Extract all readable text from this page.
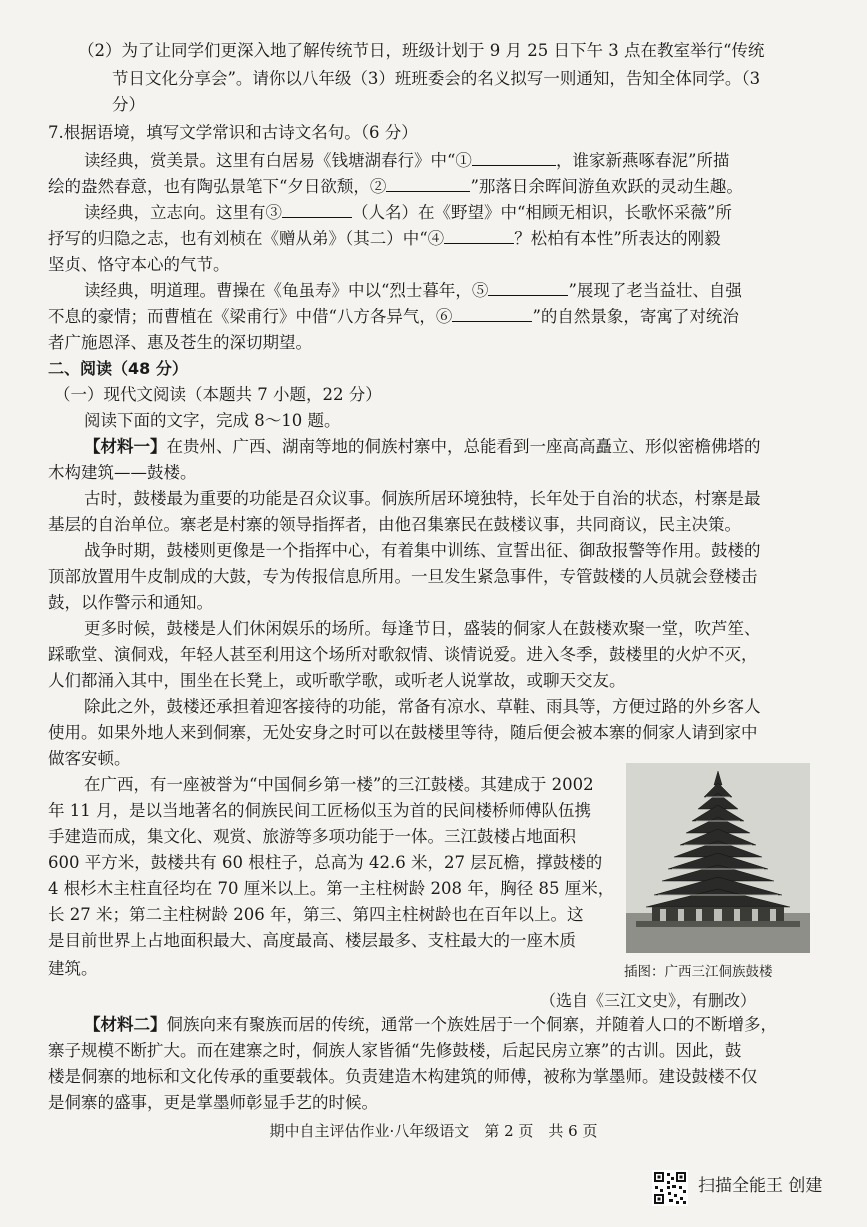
（2）为了让同学们更深入地了解传统节日，班级计划于 9 月 25 日下午 3 点在教室举行“传统
节日文化分享会”。请你以八年级（3）班班委会的名义拟写一则通知，告知全体同学。（3
分）
7.根据语境，填写文学常识和古诗文名句。（6 分）
读经典，赏美景。这里有白居易《钱塘湖春行》中“①	，谁家新燕啄春泥”所描
绘的盎然春意，也有陶弘景笔下“夕日欲颓，②	”那落日余晖间游鱼欢跃的灵动生趣。
读经典，立志向。这里有③	（人名）在《野望》中“相顾无相识，长歌怀采薇”所
抒写的归隐之志，也有刘桢在《赠从弟》（其二）中“④	？松柏有本性”所表达的刚毅
坚贞、恪守本心的气节。
读经典，明道理。曹操在《龟虽寿》中以“烈士暮年，⑤	”展现了老当益壮、自强
不息的豪情；而曹植在《梁甫行》中借“八方各异气，⑥	”的自然景象，寄寓了对统治
者广施恩泽、惠及苍生的深切期望。
二、阅读（48 分）
（一）现代文阅读（本题共 7 小题，22 分）
阅读下面的文字，完成 8～10 题。
【材料一】在贵州、广西、湖南等地的侗族村寨中，总能看到一座高高矗立、形似密檐佛塔的
木构建筑——鼓楼。
古时，鼓楼最为重要的功能是召众议事。侗族所居环境独特，长年处于自治的状态，村寨是最
基层的自治单位。寨老是村寨的领导指挥者，由他召集寨民在鼓楼议事，共同商议，民主决策。
战争时期，鼓楼则更像是一个指挥中心，有着集中训练、宣誓出征、御敌报警等作用。鼓楼的
顶部放置用牛皮制成的大鼓，专为传报信息所用。一旦发生紧急事件，专管鼓楼的人员就会登楼击
鼓，以作警示和通知。
更多时候，鼓楼是人们休闲娱乐的场所。每逢节日，盛装的侗家人在鼓楼欢聚一堂，吹芦笙、
踩歌堂、演侗戏，年轻人甚至利用这个场所对歌叙情、谈情说爱。进入冬季，鼓楼里的火炉不灭，
人们都涌入其中，围坐在长凳上，或听歌学歌，或听老人说掌故，或聊天交友。
除此之外，鼓楼还承担着迎客接待的功能，常备有凉水、草鞋、雨具等，方便过路的外乡客人
使用。如果外地人来到侗寨，无处安身之时可以在鼓楼里等待，随后便会被本寨的侗家人请到家中
做客安顿。
在广西，有一座被誉为“中国侗乡第一楼”的三江鼓楼。其建成于 2002
年 11 月，是以当地著名的侗族民间工匠杨似玉为首的民间楼桥师傅队伍携
手建造而成，集文化、观赏、旅游等多项功能于一体。三江鼓楼占地面积
600 平方米，鼓楼共有 60 根柱子，总高为 42.6 米，27 层瓦檐，撑鼓楼的
4 根杉木主柱直径均在 70 厘米以上。第一主柱树龄 208 年，胸径 85 厘米，
长 27 米；第二主柱树龄 206 年，第三、第四主柱树龄也在百年以上。这
是目前世界上占地面积最大、高度最高、楼层最多、支柱最大的一座木质
建筑。	插图：广西三江侗族鼓楼
（选自《三江文史》，有删改）
【材料二】侗族向来有聚族而居的传统，通常一个族姓居于一个侗寨，并随着人口的不断增多，
寨子规模不断扩大。而在建寨之时，侗族人家皆循“先修鼓楼，后起民房立寨”的古训。因此，鼓
楼是侗寨的地标和文化传承的重要载体。负责建造木构建筑的师傅，被称为掌墨师。建设鼓楼不仅
是侗寨的盛事，更是掌墨师彰显手艺的时候。
期中自主评估作业·八年级语文　第 2 页　共 6 页
扫描全能王 创建
